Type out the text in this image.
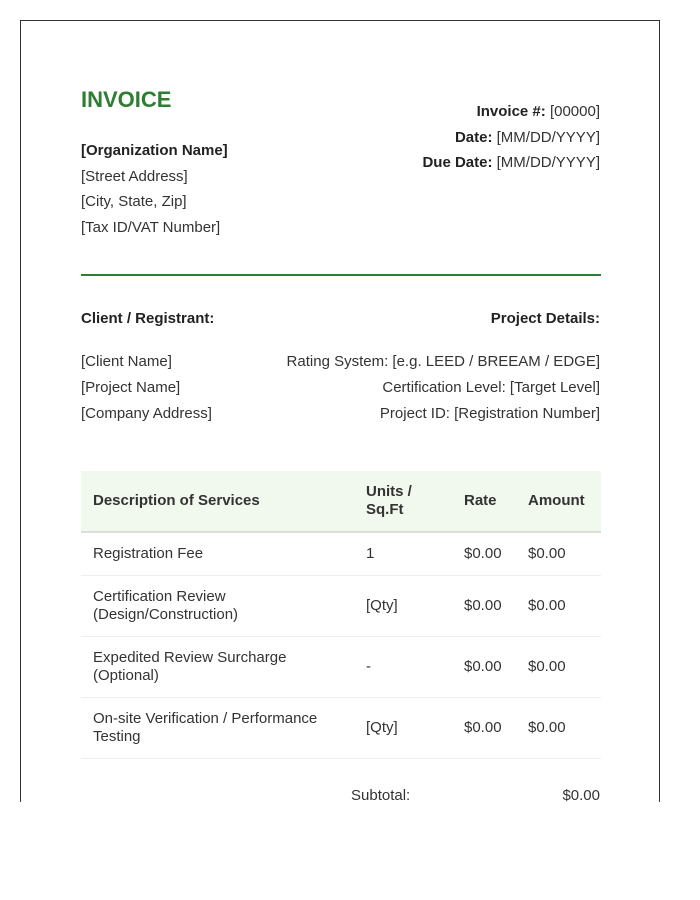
INVOICE
[Organization Name]
[Street Address]
[City, State, Zip]
[Tax ID/VAT Number]
Invoice #: [00000]
Date: [MM/DD/YYYY]
Due Date: [MM/DD/YYYY]
Client / Registrant:	Project Details:
[Client Name]
[Project Name]
[Company Address]
Rating System: [e.g. LEED / BREEAM / EDGE]
Certification Level: [Target Level]
Project ID: [Registration Number]
Description of Services	Units / Sq.Ft	Rate	Amount
Registration Fee	1	$0.00	$0.00
Certification Review (Design/Construction)	[Qty]	$0.00	$0.00
Expedited Review Surcharge (Optional)	-	$0.00	$0.00
On-site Verification / Performance Testing	[Qty]	$0.00	$0.00
Subtotal:	$0.00
